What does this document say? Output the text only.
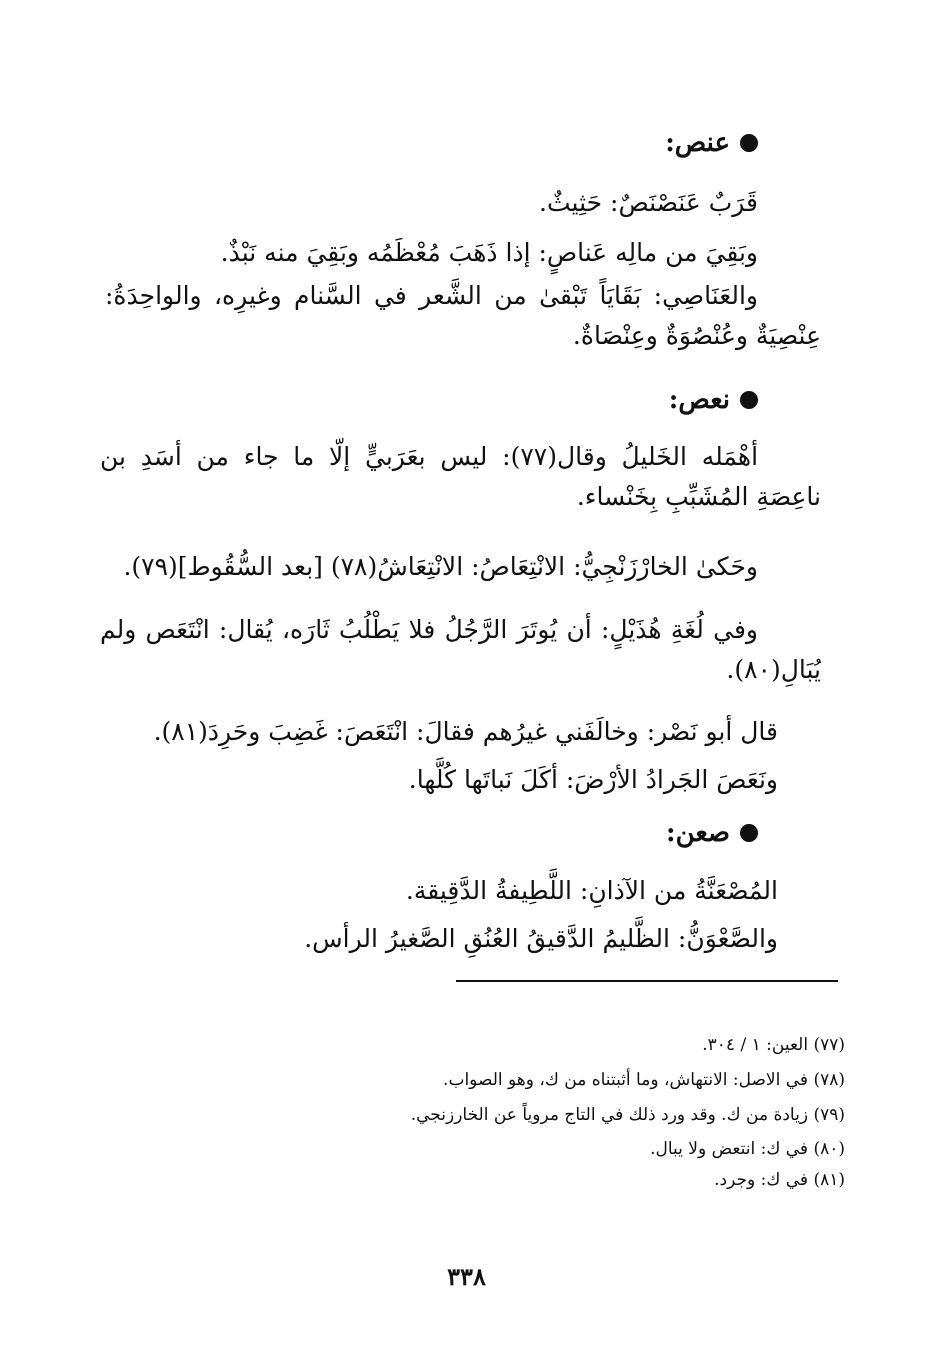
عنص:
قَرَبٌ عَنَصْنَصٌ: حَثِيثٌ.
وبَقِيَ من مالِه عَناصٍ: إذا ذَهَبَ مُعْظَمُه وبَقِيَ منه نَبْذٌ.
والعَنَاصِي: بَقَايَاً تَبْقىٰ من الشَّعر في السَّنام وغيرِه، والواحِدَةُ: عِنْصِيَةٌ وعُنْصُوَةٌ وعِنْصَاةٌ.
نعص:
أهْمَله الخَليلُ وقال(٧٧): ليس بعَرَبيٍّ إلّا ما جاء من أسَدِ بن ناعِصَةِ المُشَبِّبِ بِخَنْساء.
وحَكىٰ الخارْزَنْجِيُّ: الانْتِعَاصُ: الانْتِعَاشُ(٧٨) [بعد السُّقُوط](٧٩).
وفي لُغَةِ هُذَيْلٍ: أن يُوتَرَ الرَّجُلُ فلا يَطْلُبُ ثَارَه، يُقال: انْتَعَص ولم يُبَالِ(٨٠).
قال أبو نَصْر: وخالَفَني غيرُهم فقالَ: انْتَعَصَ: غَضِبَ وحَرِدَ(٨١).
ونَعَصَ الجَرادُ الأرْضَ: أكَلَ نَباتَها كُلَّها.
صعن:
المُصْعَنَّةُ من الآذانِ: اللَّطِيفةُ الدَّقِيقة.
والصَّعْوَنُّ: الظَّليمُ الدَّقيقُ العُنُقِ الصَّغيرُ الرأس.
(٧٧) العين: ١ / ٣٠٤.
(٧٨) في الاصل: الانتهاش، وما أثبتناه من ك، وهو الصواب.
(٧٩) زيادة من ك. وقد ورد ذلك في التاج مروياً عن الخارزنجي.
(٨٠) في ك: انتعض ولا يبال.
(٨١) في ك: وجرد.
٣٣٨
